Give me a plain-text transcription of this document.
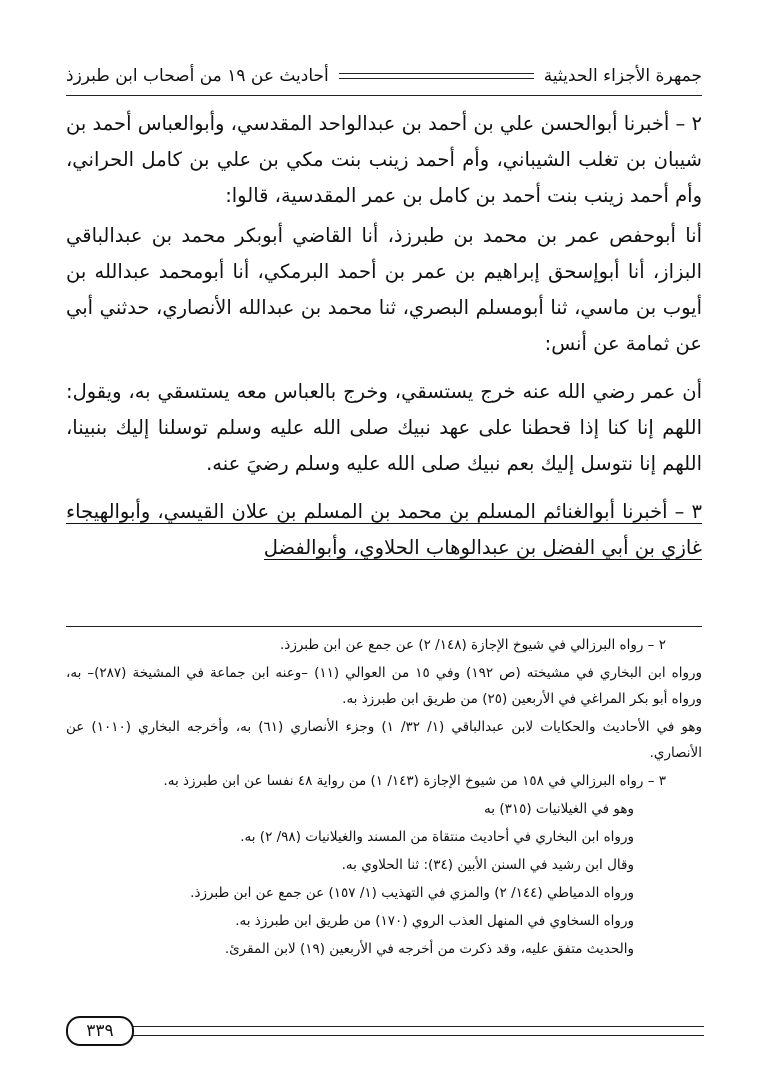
جمهرة الأجزاء الحديثية
أحاديث عن ١٩ من أصحاب ابن طبرزذ

٢ – أخبرنا أبوالحسن علي بن أحمد بن عبدالواحد المقدسي، وأبوالعباس أحمد بن شيبان بن تغلب الشيباني، وأم أحمد زينب بنت مكي بن علي بن كامل الحراني، وأم أحمد زينب بنت أحمد بن كامل بن عمر المقدسية، قالوا:

أنا أبوحفص عمر بن محمد بن طبرزذ، أنا القاضي أبوبكر محمد بن عبدالباقي البزاز، أنا أبوإسحق إبراهيم بن عمر بن أحمد البرمكي، أنا أبومحمد عبدالله بن أيوب بن ماسي، ثنا أبومسلم البصري، ثنا محمد بن عبدالله الأنصاري، حدثني أبي عن ثمامة عن أنس:

أن عمر رضي الله عنه خرج يستسقي، وخرج بالعباس معه يستسقي به، ويقول: اللهم إنا كنا إذا قحطنا على عهد نبيك صلى الله عليه وسلم توسلنا إليك بنبينا، اللهم إنا نتوسل إليك بعم نبيك صلى الله عليه وسلم رضيَ عنه.

٣ – أخبرنا أبوالغنائم المسلم بن محمد بن المسلم بن علان القيسي، وأبوالهيجاء غازي بن أبي الفضل بن عبدالوهاب الحلاوي، وأبوالفضل

٢ – رواه البرزالي في شيوخ الإجازة (١٤٨/ ٢) عن جمع عن ابن طبرزذ.

ورواه ابن البخاري في مشيخته (ص ١٩٢) وفي ١٥ من العوالي (١١) –وعنه ابن جماعة في المشيخة (٢٨٧)– به، ورواه أبو بكر المراغي في الأربعين (٢٥) من طريق ابن طبرزذ به.

وهو في الأحاديث والحكايات لابن عبدالباقي (١/ ٣٢/ ١) وجزء الأنصاري (٦١) به، وأخرجه البخاري (١٠١٠) عن الأنصاري.

٣ – رواه البرزالي في ١٥٨ من شيوخ الإجازة (١٤٣/ ١) من رواية ٤٨ نفسا عن ابن طبرزذ به.

وهو في الغيلانيات (٣١٥) به

ورواه ابن البخاري في أحاديث منتقاة من المسند والغيلانيات (٩٨/ ٢) به.

وقال ابن رشيد في السنن الأبين (٣٤): ثنا الحلاوي به.

ورواه الدمياطي (١٤٤/ ٢) والمزي في التهذيب (١/ ١٥٧) عن جمع عن ابن طبرزذ.

ورواه السخاوي في المنهل العذب الروي (١٧٠) من طريق ابن طبرزذ به.

والحديث متفق عليه، وقد ذكرت من أخرجه في الأربعين (١٩) لابن المقرئ.

٣٣٩
